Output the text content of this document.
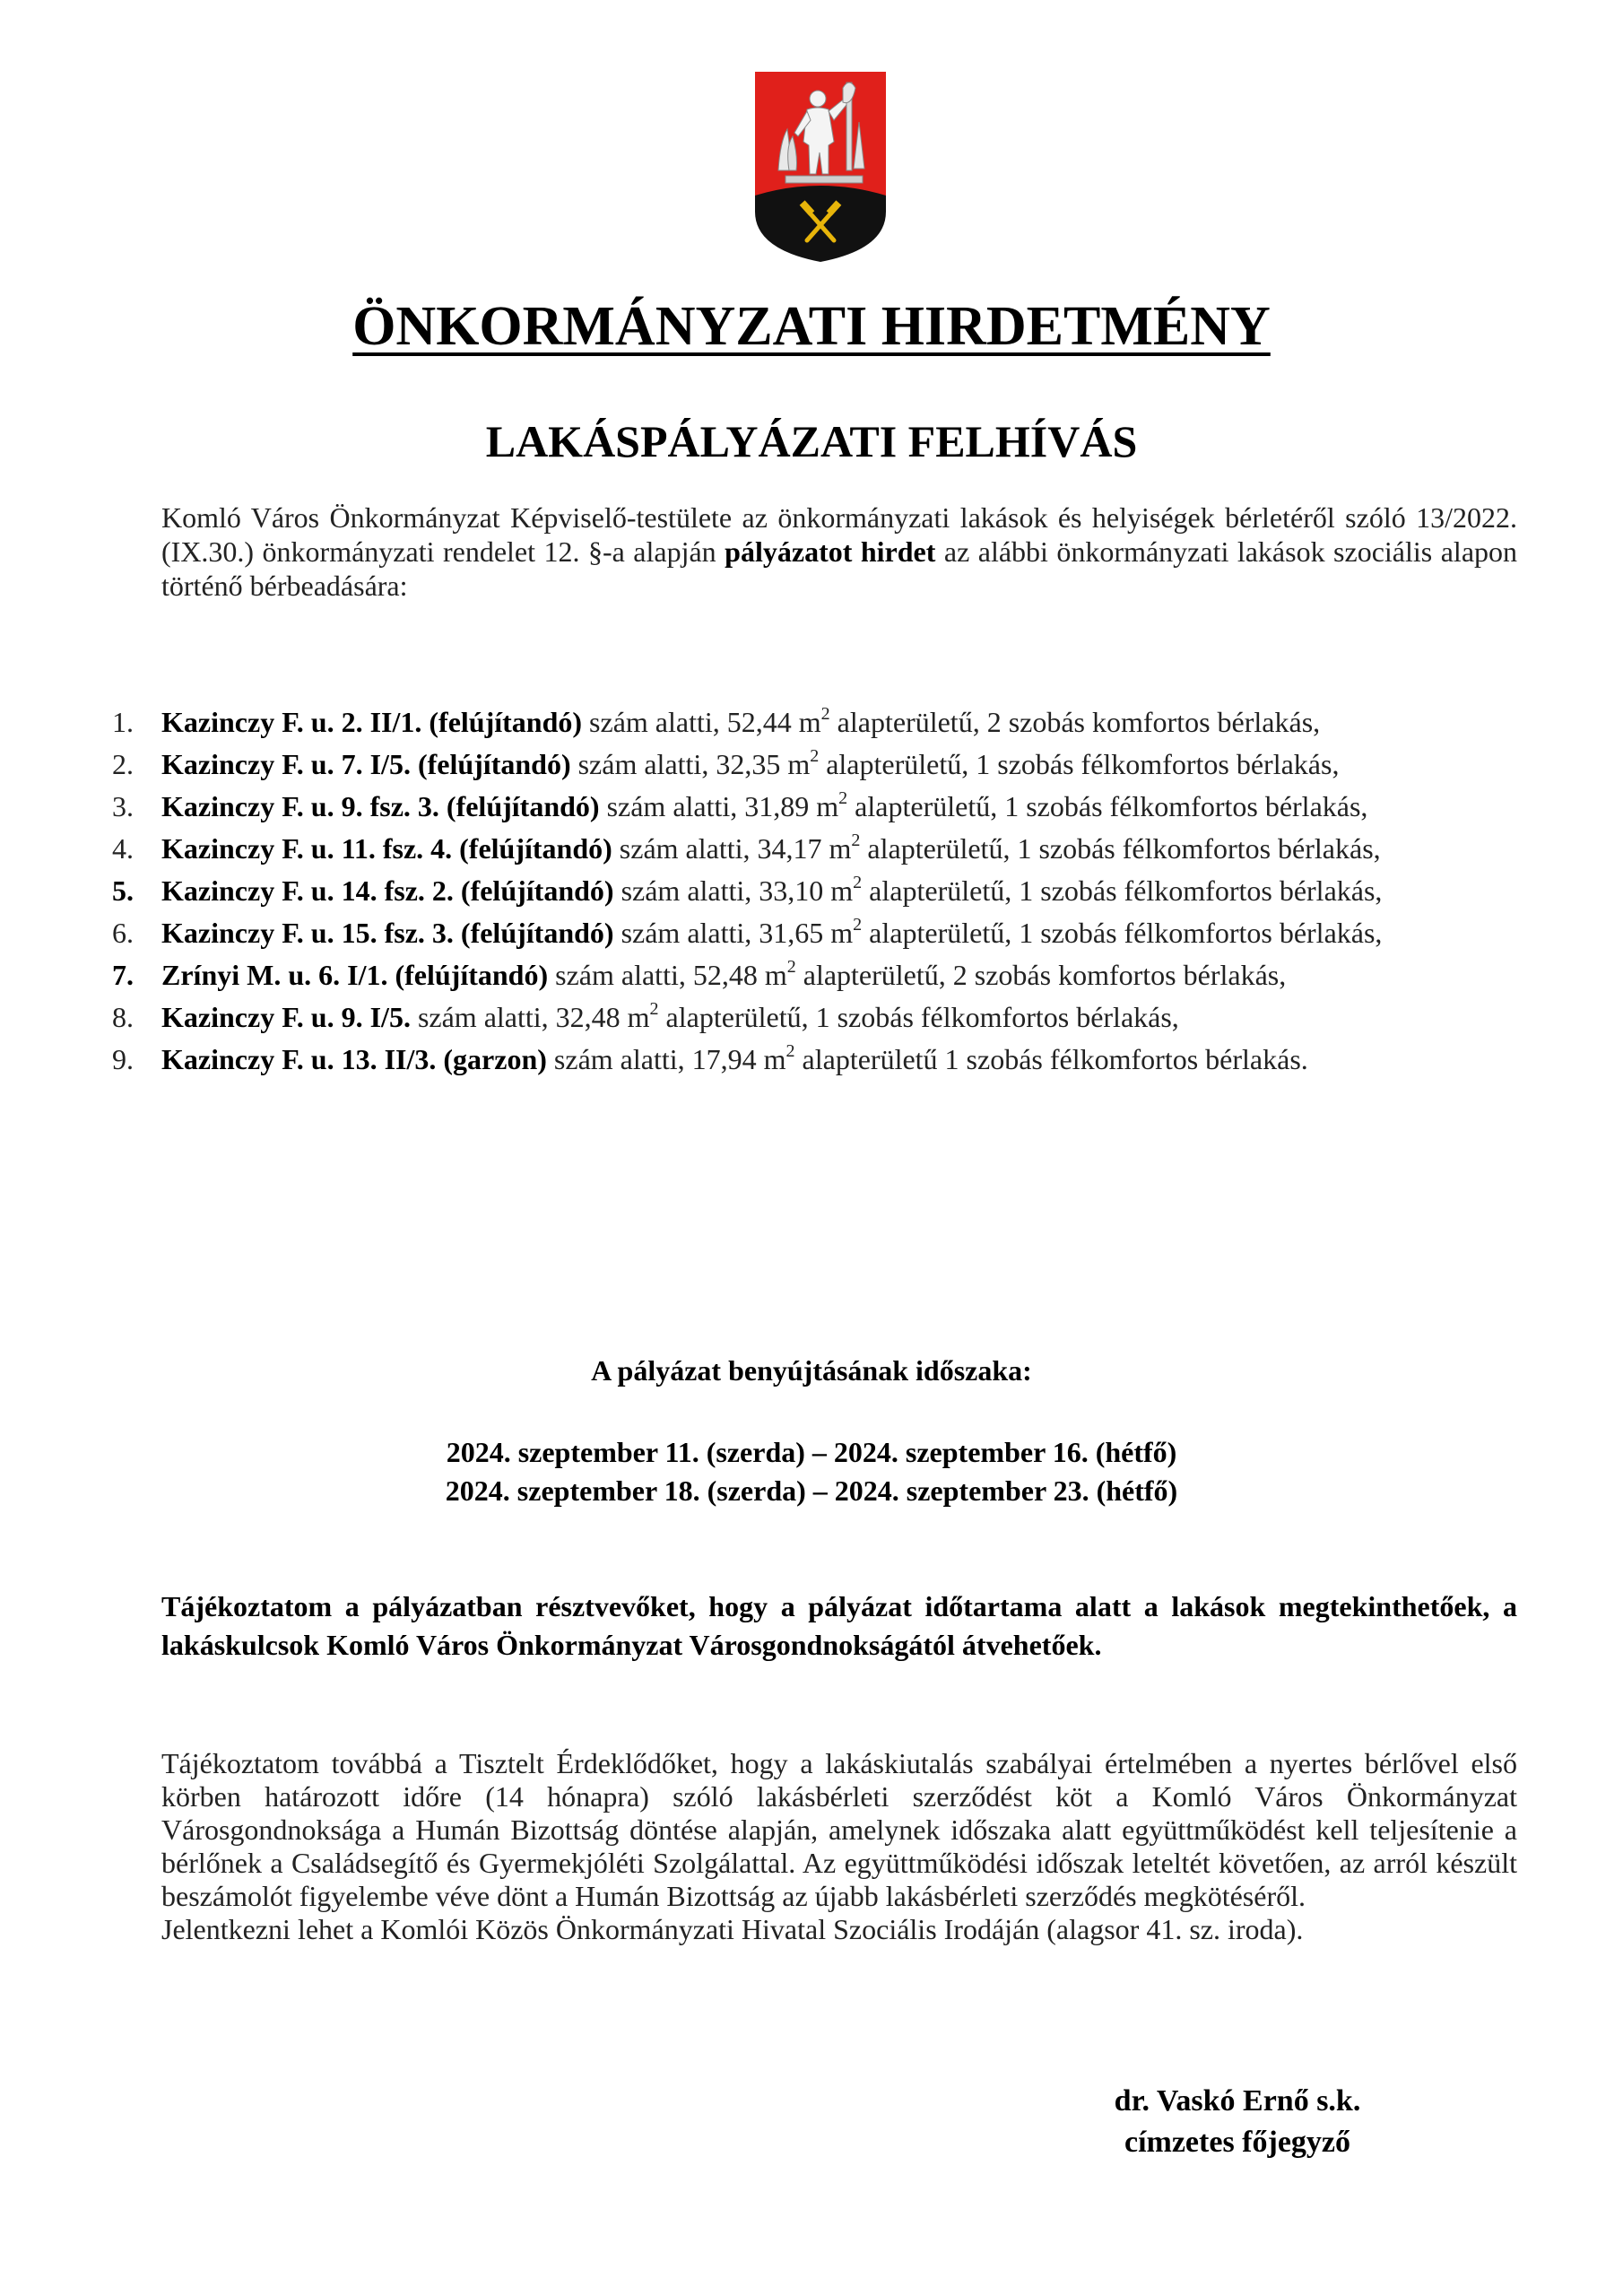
ÖNKORMÁNYZATI HIRDETMÉNY
LAKÁSPÁLYÁZATI FELHÍVÁS
Komló Város Önkormányzat Képviselő-testülete az önkormányzati lakások és helyiségek bérletéről szóló 13/2022. (IX.30.) önkormányzati rendelet 12. §-a alapján pályázatot hirdet az alábbi önkormányzati lakások szociális alapon történő bérbeadására:
1. Kazinczy F. u. 2. II/1. (felújítandó) szám alatti, 52,44 $m^2$ alapterületű, 2 szobás komfortos bérlakás,
2. Kazinczy F. u. 7. I/5. (felújítandó) szám alatti, 32,35 $m^2$ alapterületű, 1 szobás félkomfortos bérlakás,
3. Kazinczy F. u. 9. fsz. 3. (felújítandó) szám alatti, 31,89 $m^2$ alapterületű, 1 szobás félkomfortos bérlakás,
4. Kazinczy F. u. 11. fsz. 4. (felújítandó) szám alatti, 34,17 $m^2$ alapterületű, 1 szobás félkomfortos bérlakás,
5. Kazinczy F. u. 14. fsz. 2. (felújítandó) szám alatti, 33,10 $m^2$ alapterületű, 1 szobás félkomfortos bérlakás,
6. Kazinczy F. u. 15. fsz. 3. (felújítandó) szám alatti, 31,65 $m^2$ alapterületű, 1 szobás félkomfortos bérlakás,
7. Zrínyi M. u. 6. I/1. (felújítandó) szám alatti, 52,48 $m^2$ alapterületű, 2 szobás komfortos bérlakás,
8. Kazinczy F. u. 9. I/5. szám alatti, 32,48 $m^2$ alapterületű, 1 szobás félkomfortos bérlakás,
9. Kazinczy F. u. 13. II/3. (garzon) szám alatti, 17,94 $m^2$ alapterületű 1 szobás félkomfortos bérlakás.
A pályázat benyújtásának időszaka:
2024. szeptember 11. (szerda) – 2024. szeptember 16. (hétfő)
2024. szeptember 18. (szerda) – 2024. szeptember 23. (hétfő)
Tájékoztatom a pályázatban résztvevőket, hogy a pályázat időtartama alatt a lakások megtekinthetőek, a lakáskulcsok Komló Város Önkormányzat Városgondnokságától átvehetőek.

Tájékoztatom továbbá a Tisztelt Érdeklődőket, hogy a lakáskiutalás szabályai értelmében a nyertes bérlővel első körben határozott időre (14 hónapra) szóló lakásbérleti szerződést köt a Komló Város Önkormányzat Városgondnoksága a Humán Bizottság döntése alapján, amelynek időszaka alatt együttműködést kell teljesítenie a bérlőnek a Családsegítő és Gyermekjóléti Szolgálattal. Az együttműködési időszak leteltét követően, az arról készült beszámolót figyelembe véve dönt a Humán Bizottság az újabb lakásbérleti szerződés megkötéséről.

Jelentkezni lehet a Komlói Közös Önkormányzati Hivatal Szociális Irodáján (alagsor 41. sz. iroda).

dr. Vaskó Ernő s.k.
címzetes főjegyző
